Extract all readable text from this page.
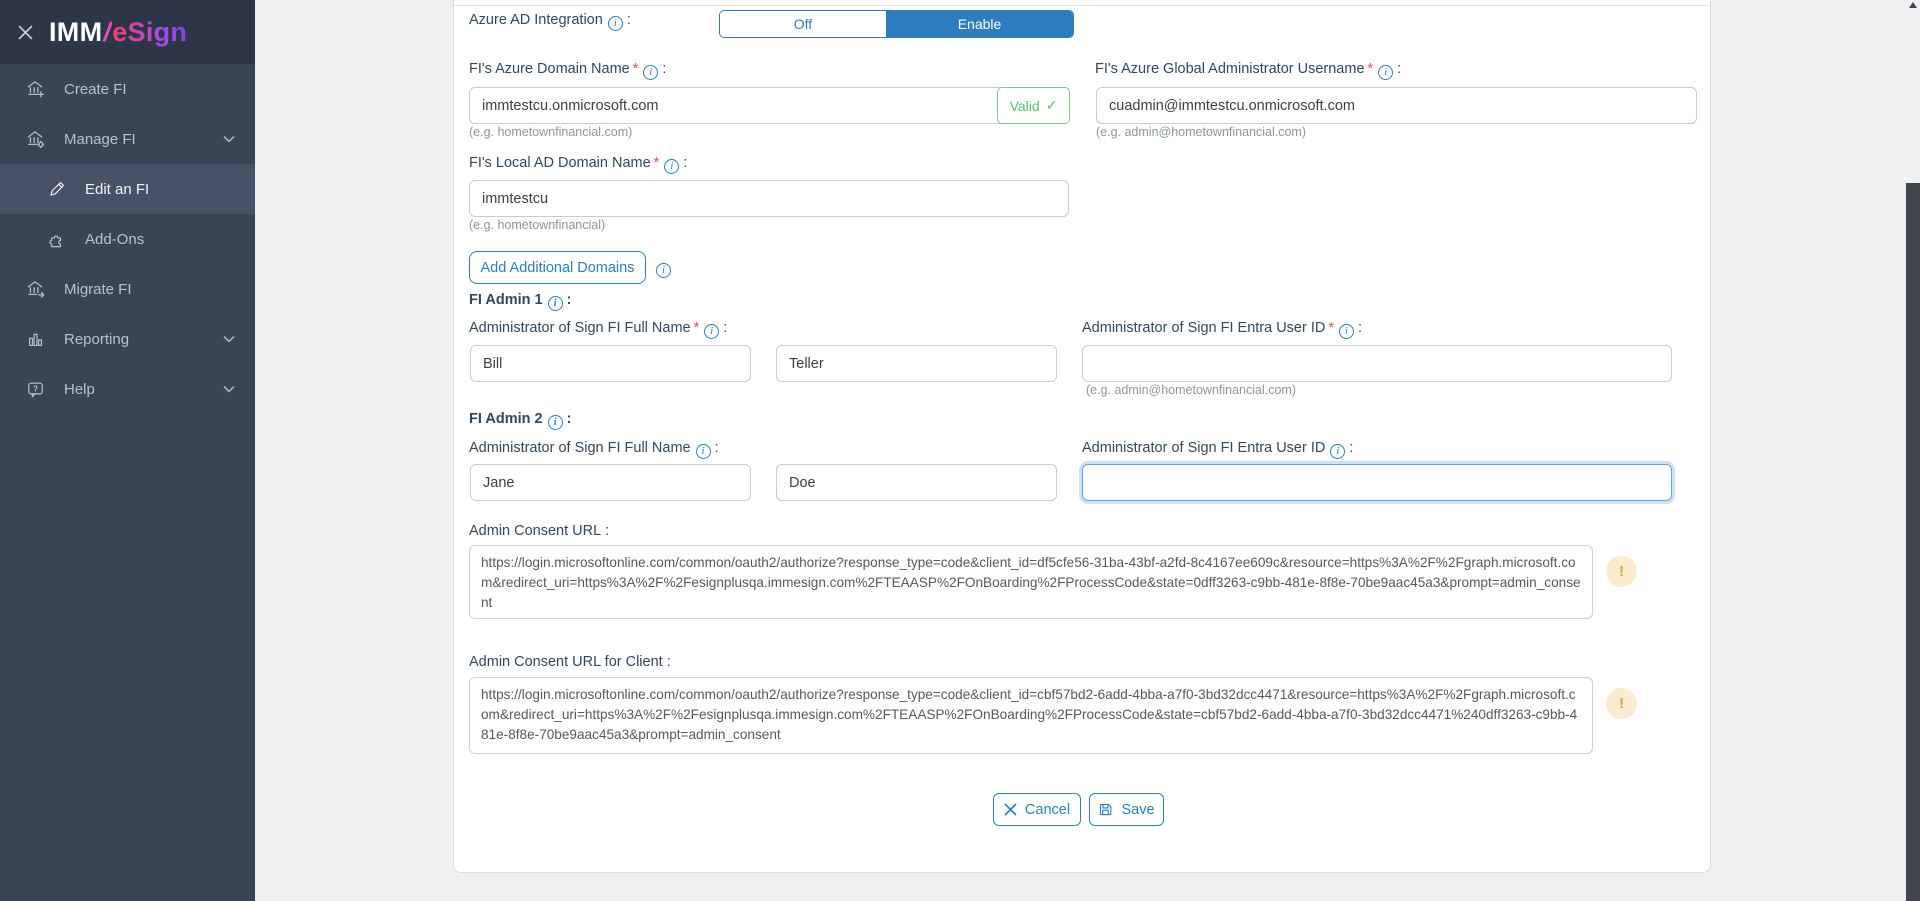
IMM/eSign
Create FI
Manage FI
Edit an FI
Add-Ons
Migrate FI
Reporting
? Help
Azure AD Integration i :	Off	Enable
FI's Azure Domain Name * i :
immtestcu.onmicrosoft.com
Valid ✓
(e.g. hometownfinancial.com)
FI's Azure Global Administrator Username * i :
cuadmin@immtestcu.onmicrosoft.com
(e.g. admin@hometownfinancial.com)
FI's Local AD Domain Name * i :
immtestcu
(e.g. hometownfinancial)
Add Additional Domains	i
FI Admin 1 i :
Administrator of Sign FI Full Name * i :	Administrator of Sign FI Entra User ID * i :
Bill
Teller
(e.g. admin@hometownfinancial.com)
FI Admin 2 i :
Administrator of Sign FI Full Name i :	Administrator of Sign FI Entra User ID i :
Jane
Doe
Admin Consent URL :
https://login.microsoftonline.com/common/oauth2/authorize?response_type=code&client_id=df5cfe56-31ba-43bf-a2fd-8c4167ee609c&resource=https%3A%2F%2Fgraph.microsoft.com&redirect_uri=https%3A%2F%2Fesignplusqa.immesign.com%2FTEAASP%2FOnBoarding%2FProcessCode&state=0dff3263-c9bb-481e-8f8e-70be9aac45a3&prompt=admin_consent
!
Admin Consent URL for Client :
https://login.microsoftonline.com/common/oauth2/authorize?response_type=code&client_id=cbf57bd2-6add-4bba-a7f0-3bd32dcc4471&resource=https%3A%2F%2Fgraph.microsoft.com&redirect_uri=https%3A%2F%2Fesignplusqa.immesign.com%2FTEAASP%2FOnBoarding%2FProcessCode&state=cbf57bd2-6add-4bba-a7f0-3bd32dcc4471%240dff3263-c9bb-481e-8f8e-70be9aac45a3&prompt=admin_consent
!
Cancel	Save
